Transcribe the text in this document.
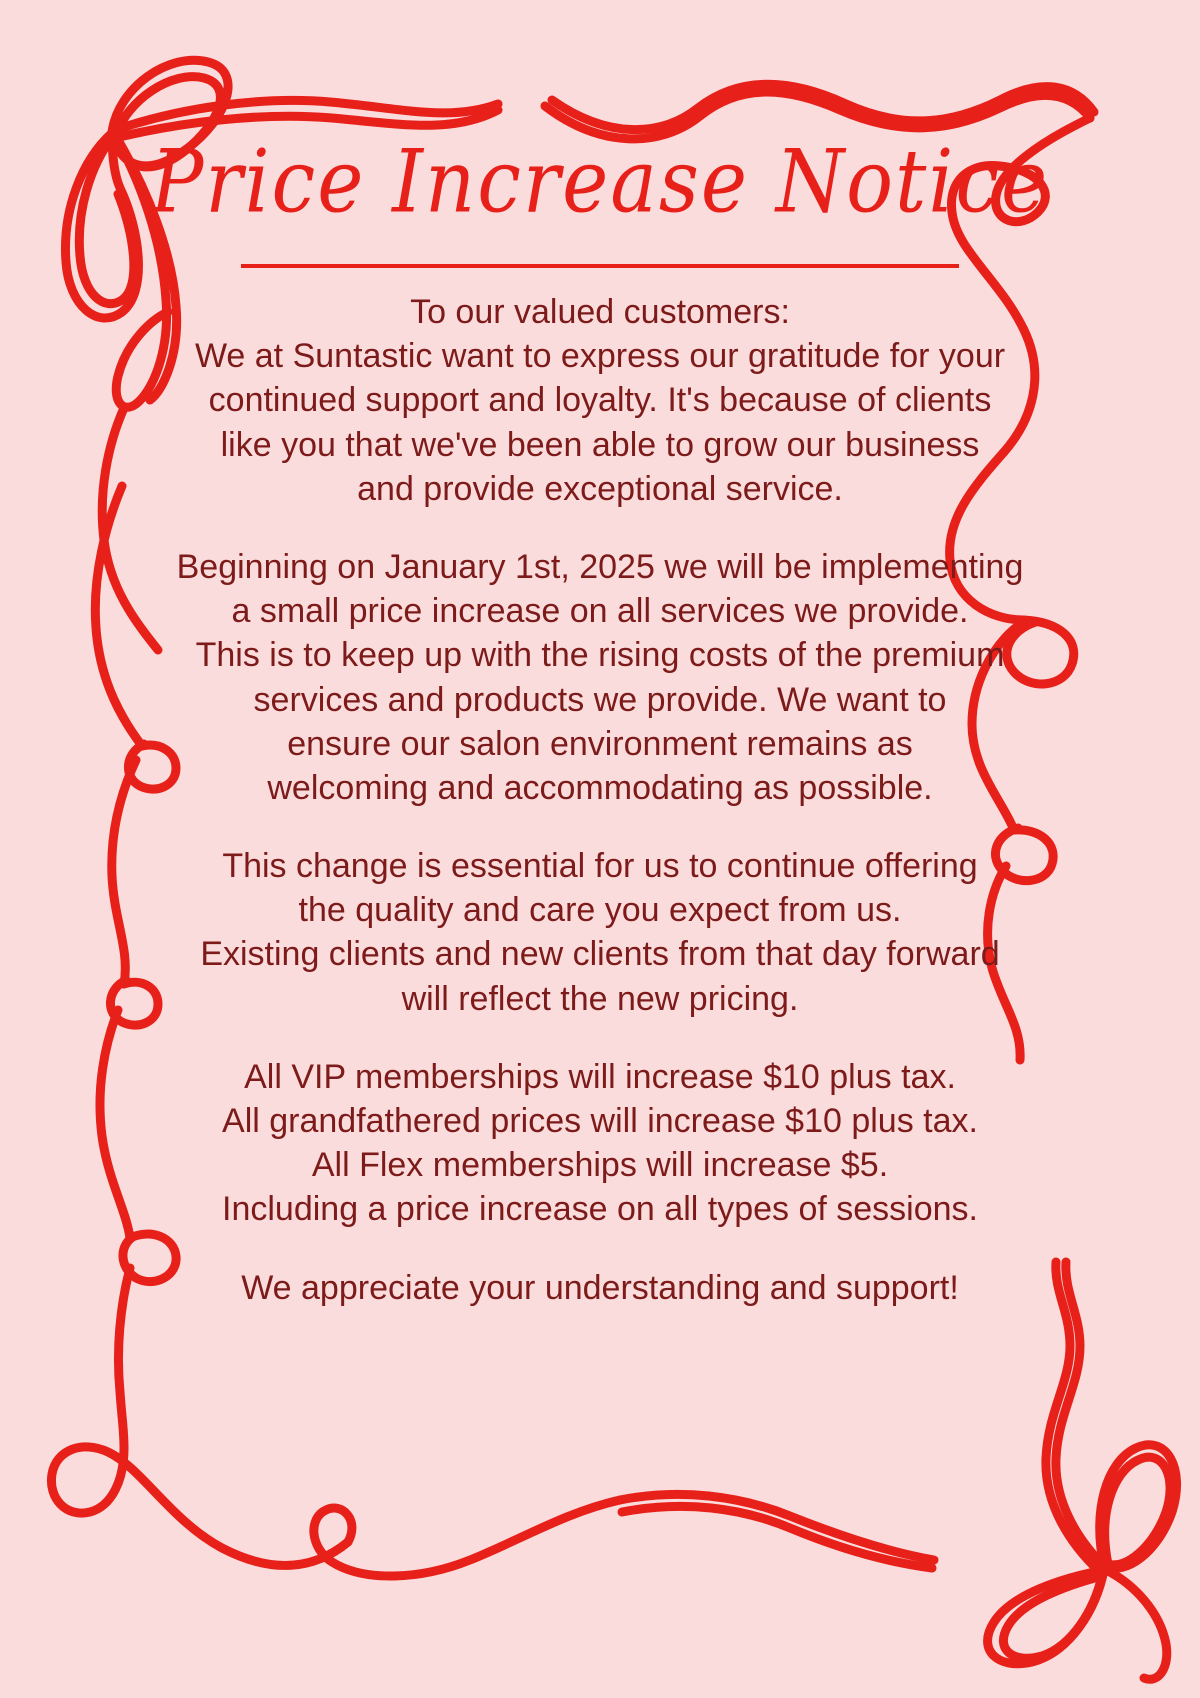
Price Increase Notice

To our valued customers:
We at Suntastic want to express our gratitude for your
continued support and loyalty. It's because of clients
like you that we've been able to grow our business
and provide exceptional service.

Beginning on January 1st, 2025 we will be implementing
a small price increase on all services we provide.
This is to keep up with the rising costs of the premium
services and products we provide. We want to
ensure our salon environment remains as
welcoming and accommodating as possible.

This change is essential for us to continue offering
the quality and care you expect from us.
Existing clients and new clients from that day forward
will reflect the new pricing.

All VIP memberships will increase $10 plus tax.
All grandfathered prices will increase $10 plus tax.
All Flex memberships will increase $5.
Including a price increase on all types of sessions.

We appreciate your understanding and support!
